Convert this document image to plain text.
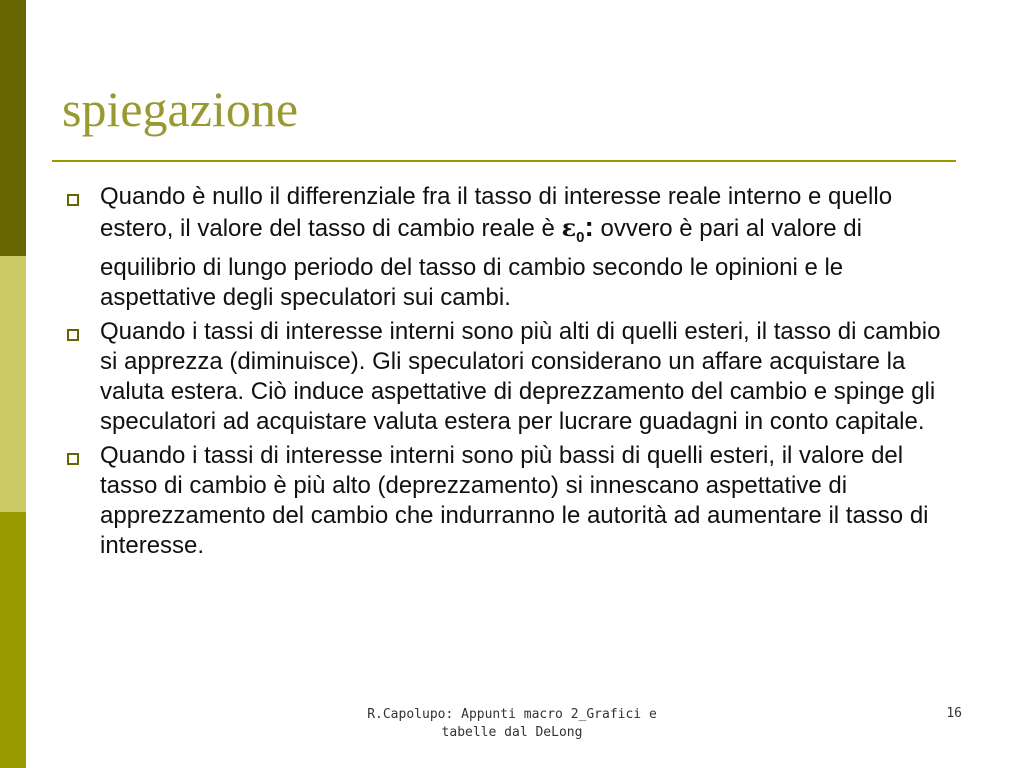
spiegazione
Quando è nullo il differenziale fra il tasso di interesse reale interno e quello estero, il valore del tasso di cambio reale è $\varepsilon_0$: ovvero è pari al valore di equilibrio di lungo periodo del tasso di cambio secondo le opinioni e le aspettative degli speculatori sui cambi.
Quando i tassi di interesse interni sono più alti di quelli esteri, il tasso di cambio si apprezza (diminuisce). Gli speculatori considerano un affare acquistare la valuta estera. Ciò induce aspettative di deprezzamento del cambio e spinge gli speculatori ad acquistare valuta estera per lucrare guadagni in conto capitale.
Quando i tassi di interesse interni sono più bassi di quelli esteri, il valore del tasso di cambio è più alto (deprezzamento) si innescano aspettative di apprezzamento del cambio che indurranno le autorità ad aumentare il tasso di interesse.
R.Capolupo: Appunti macro 2_Grafici e
tabelle dal DeLong
16
